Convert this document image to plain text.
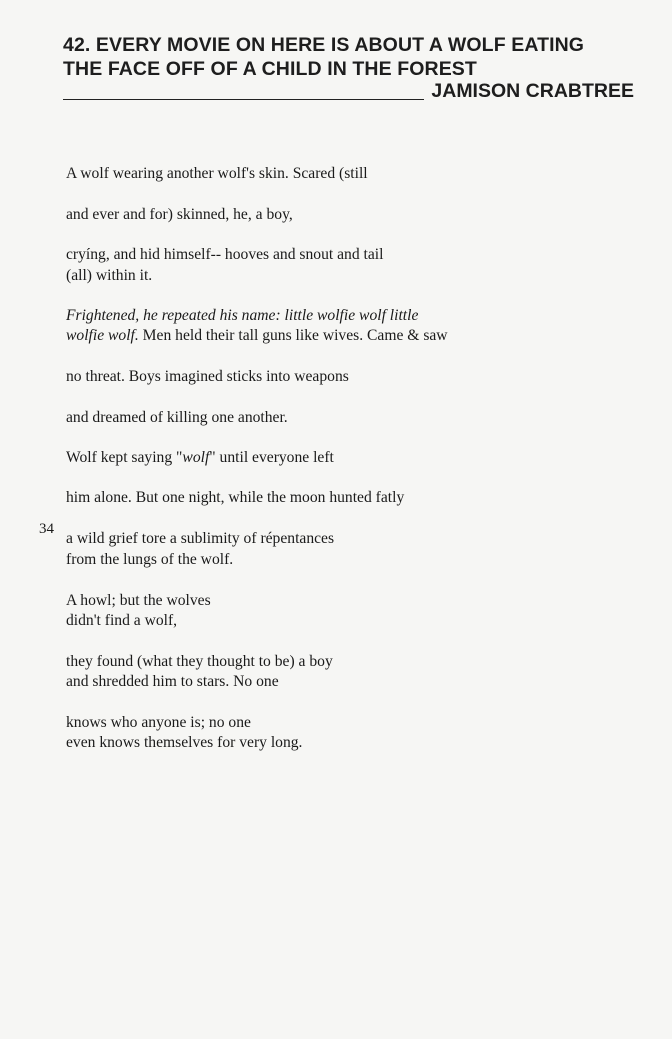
42. EVERY MOVIE ON HERE IS ABOUT A WOLF EATING
THE FACE OFF OF A CHILD IN THE FOREST
JAMISON CRABTREE
A wolf wearing another wolf's skin. Scared (still
and ever and for) skinned, he, a boy,
cryíng, and hid himself-- hooves and snout and tail
(all) within it.
Frightened, he repeated his name: little wolfie wolf little
wolfie wolf. Men held their tall guns like wives. Came & saw
no threat. Boys imagined sticks into weapons
and dreamed of killing one another.
Wolf kept saying "wolf" until everyone left
him alone. But one night, while the moon hunted fatly
34
a wild grief tore a sublimity of répentances
from the lungs of the wolf.
A howl; but the wolves
didn't find a wolf,
they found (what they thought to be) a boy
and shredded him to stars. No one
knows who anyone is; no one
even knows themselves for very long.
